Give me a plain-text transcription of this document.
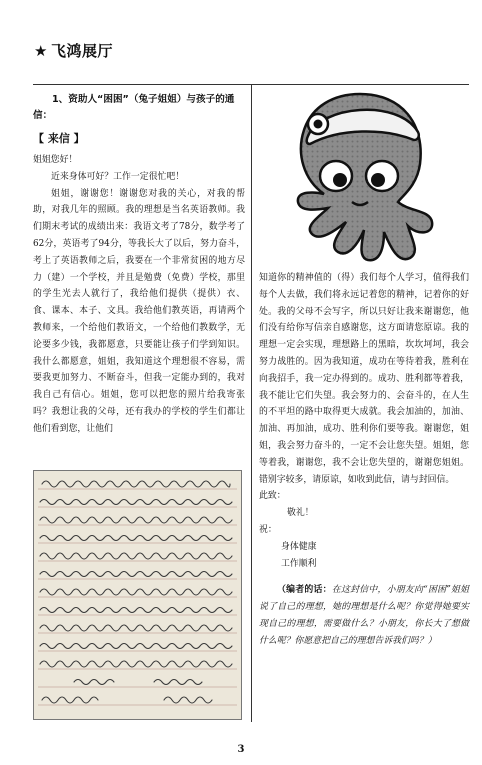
★ 飞鸿展厅
1、资助人“困困”（兔子姐姐）与孩子的通信：
【 来信 】
姐姐您好！
近来身体可好？工作一定很忙吧！
姐姐，谢谢您！谢谢您对我的关心，对我的帮助，对我几年的照顾。我的理想是当名英语教师。我们期末考试的成绩出来：我语文考了78分，数学考了62分，英语考了94分，等我长大了以后，努力奋斗，考上了英语教师之后，我要在一个非常贫困的地方尽力（建）一个学校，并且是勉费（免费）学校，那里的学生光去人就行了，我给他们提供（提供）衣、食、课本、本子、文具。我给他们教英语，再请两个教师来，一个给他们教语文，一个给他们教数学，无论要多少钱，我都愿意，只要能让孩子们学到知识。我什么都愿意，姐姐，我知道这个理想很不容易，需要我更加努力、不断奋斗，但我一定能办到的，我对我自己有信心。姐姐，您可以把您的照片给我寄张吗？我想让我的父母，还有我办的学校的学生们都让他们看到您，让他们
知道你的精神值的（得）我们每个人学习，值得我们每个人去做，我们将永远记着您的精神，记着你的好处。我的父母不会写字，所以只好让我来谢谢您，他们没有给你写信亲自感谢您，这方面请您原谅。我的理想一定会实现，理想路上的黑暗，坎坎坷坷，我会努力战胜的。因为我知道，成功在等待着我，胜利在向我招手，我一定办得到的。成功、胜利都等着我，我不能让它们失望。我会努力的、会奋斗的，在人生的不平坦的路中取得更大成就。我会加油的，加油、加油、再加油，成功、胜利你们要等我。谢谢您，姐姐，我会努力奋斗的，一定不会让您失望。姐姐，您等着我，谢谢您，我不会让您失望的，谢谢您姐姐。错别字较多，请原谅，如收到此信，请与封回信。
此致：
敬礼！
祝：
身体健康
工作顺利
（编者的话：在这封信中，小朋友向“困困”姐姐说了自己的理想，她的理想是什么呢？你觉得她要实现自己的理想，需要做什么？小朋友，你长大了想做什么呢？你愿意把自己的理想告诉我们吗？）
3
